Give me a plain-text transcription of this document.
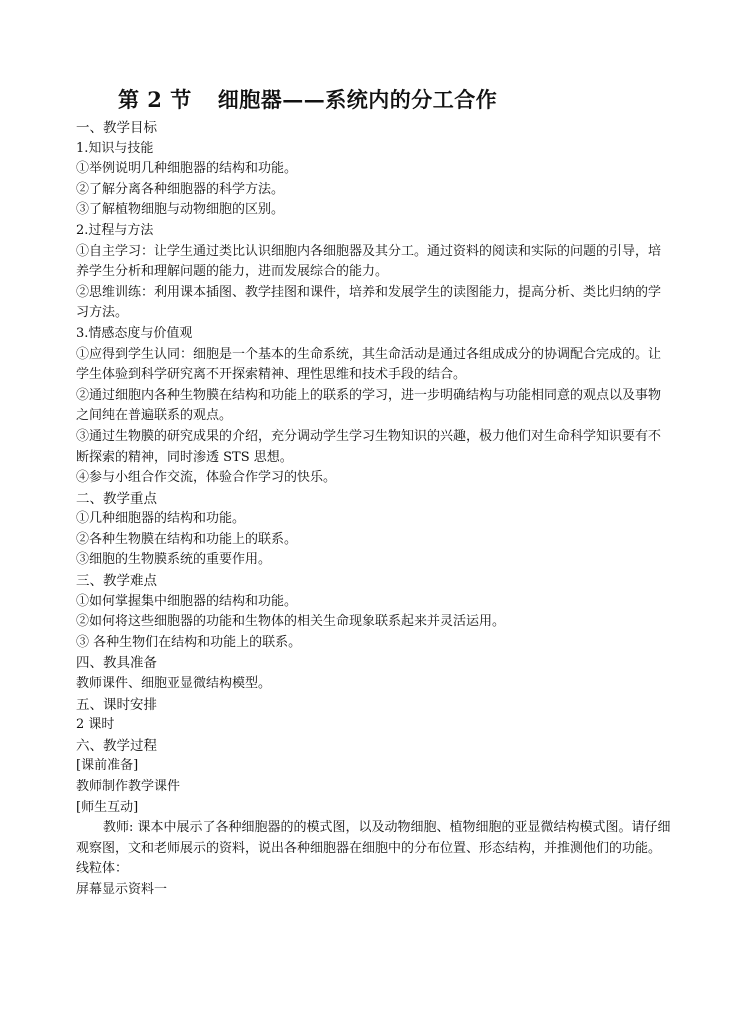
第 2 节 细胞器——系统内的分工合作

一、教学目标

1.知识与技能

①举例说明几种细胞器的结构和功能。

②了解分离各种细胞器的科学方法。

③了解植物细胞与动物细胞的区别。

2.过程与方法

①自主学习：让学生通过类比认识细胞内各细胞器及其分工。通过资料的阅读和实际的问题的引导，培养学生分析和理解问题的能力，进而发展综合的能力。

②思维训练：利用课本插图、教学挂图和课件，培养和发展学生的读图能力，提高分析、类比归纳的学习方法。

3.情感态度与价值观

①应得到学生认同：细胞是一个基本的生命系统，其生命活动是通过各组成成分的协调配合完成的。让学生体验到科学研究离不开探索精神、理性思维和技术手段的结合。

②通过细胞内各种生物膜在结构和功能上的联系的学习，进一步明确结构与功能相同意的观点以及事物之间纯在普遍联系的观点。

③通过生物膜的研究成果的介绍，充分调动学生学习生物知识的兴趣，极力他们对生命科学知识要有不断探索的精神，同时渗透 STS 思想。

④参与小组合作交流，体验合作学习的快乐。

二、教学重点

①几种细胞器的结构和功能。

②各种生物膜在结构和功能上的联系。

③细胞的生物膜系统的重要作用。

三、教学难点

①如何掌握集中细胞器的结构和功能。

②如何将这些细胞器的功能和生物体的相关生命现象联系起来并灵活运用。

③ 各种生物们在结构和功能上的联系。

四、教具准备

教师课件、细胞亚显微结构模型。

五、课时安排

2 课时

六、教学过程

[课前准备]

教师制作教学课件

[师生互动]

教师: 课本中展示了各种细胞器的的模式图，以及动物细胞、植物细胞的亚显微结构模式图。请仔细观察图，文和老师展示的资料，说出各种细胞器在细胞中的分布位置、形态结构，并推测他们的功能。

线粒体：

屏幕显示资料一
